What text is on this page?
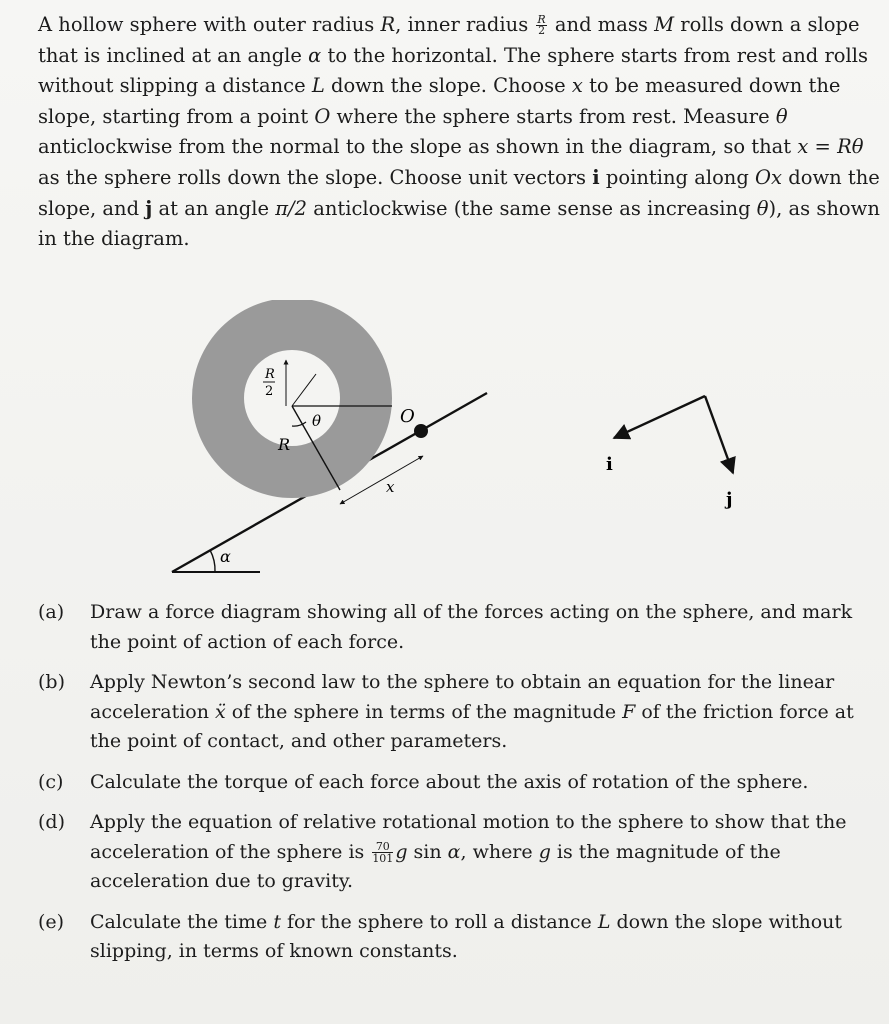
A hollow sphere with outer radius R, inner radius $\frac{R}{2}$ and mass M rolls down a slope that is inclined at an angle α to the horizontal. The sphere starts from rest and rolls without slipping a distance L down the slope. Choose x to be measured down the slope, starting from a point O where the sphere starts from rest. Measure θ anticlockwise from the normal to the slope as shown in the diagram, so that x = Rθ as the sphere rolls down the slope. Choose unit vectors i pointing along Ox down the slope, and j at an angle π/2 anticlockwise (the same sense as increasing θ), as shown in the diagram.

α
θ
R
2
R
O
x
i
j
(a)	Draw a force diagram showing all of the forces acting on the sphere, and mark the point of action of each force.
(b)	Apply Newton’s second law to the sphere to obtain an equation for the linear acceleration ẍ of the sphere in terms of the magnitude F of the friction force at the point of contact, and other parameters.
(c)	Calculate the torque of each force about the axis of rotation of the sphere.
(d)	Apply the equation of relative rotational motion to the sphere to show that the acceleration of the sphere is $\frac{70}{101}$ g sin α, where g is the magnitude of the acceleration due to gravity.
(e)	Calculate the time t for the sphere to roll a distance L down the slope without slipping, in terms of known constants.
